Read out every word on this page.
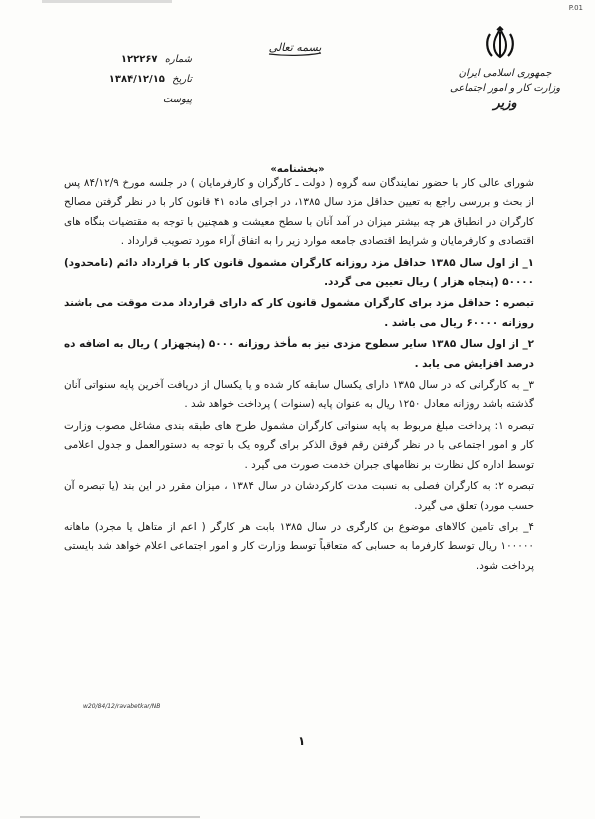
P.01
جمهوری اسلامی ایران
وزارت کار و امور اجتماعی
وزیر
بسمه تعالی
شماره ۱۲۲۲۶۷
تاریخ ۱۳۸۴/۱۲/۱۵
پیوست
«بخشنامه»

شورای عالی کار با حضور نمایندگان سه گروه ( دولت ـ کارگران و کارفرمایان ) در جلسه مورخ ۸۴/۱۲/۹ پس از بحث و بررسی راجع به تعیین حداقل مزد سال ۱۳۸۵، در اجرای ماده ۴۱ قانون کار با در نظر گرفتن مصالح کارگران در انطباق هر چه بیشتر میزان در آمد آنان با سطح معیشت و همچنین با توجه به مقتضیات بنگاه های اقتصادی و کارفرمایان و شرایط اقتصادی جامعه موارد زیر را به اتفاق آراء مورد تصویب قرارداد .

۱_ از اول سال ۱۳۸۵ حداقل مزد روزانه کارگران مشمول قانون کار با قرارداد دائم (نامحدود) ۵۰۰۰۰ (پنجاه هزار ) ریال تعیین می گردد.

تبصره : حداقل مزد برای کارگران مشمول قانون کار که دارای قرارداد مدت موقت می باشند روزانه ۶۰۰۰۰ ریال می باشد .

۲_ از اول سال ۱۳۸۵ سایر سطوح مزدی نیز به مأخذ روزانه ۵۰۰۰ (پنجهزار ) ریال به اضافه ده درصد افزایش می یابد .

۳_ به کارگرانی که در سال ۱۳۸۵ دارای یکسال سابقه کار شده و یا یکسال از دریافت آخرین پایه سنواتی آنان گذشته باشد روزانه معادل ۱۲۵۰ ریال به عنوان پایه (سنوات ) پرداخت خواهد شد .

تبصره ۱: پرداخت مبلغ مربوط به پایه سنواتی کارگران مشمول طرح های طبقه بندی مشاغل مصوب وزارت کار و امور اجتماعی با در نظر گرفتن رقم فوق الذکر برای گروه یک با توجه به دستورالعمل و جدول اعلامی توسط اداره کل نظارت بر نظامهای جبران خدمت صورت می گیرد .

تبصره ۲: به کارگران فصلی به نسبت مدت کارکردشان در سال ۱۳۸۴ ، میزان مقرر در این بند (یا تبصره آن حسب مورد) تعلق می گیرد.

۴_ برای تامین کالاهای موضوع بن کارگری در سال ۱۳۸۵ بابت هر کارگر ( اعم از متاهل یا مجرد) ماهانه ۱۰۰۰۰۰ ریال توسط کارفرما به حسابی که متعاقباً توسط وزارت کار و امور اجتماعی اعلام خواهد شد بایستی پرداخت شود.

w20/84/12/ravabetkar/NB
۱
